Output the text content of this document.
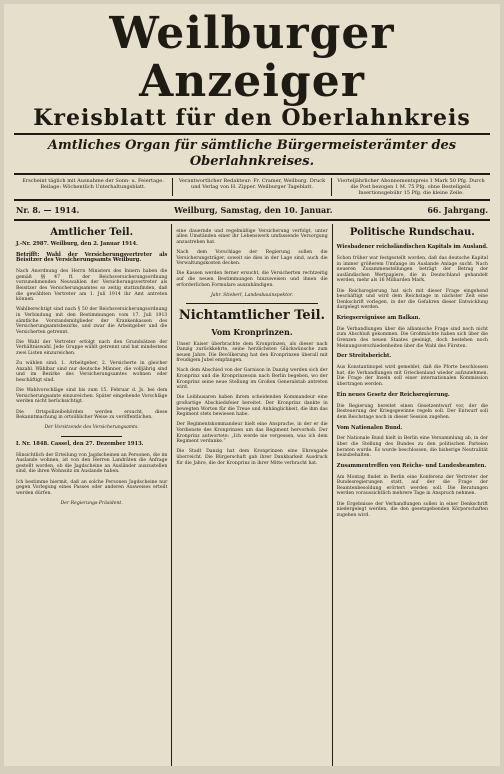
Weilburger Anzeiger
Kreisblatt für den Oberlahnkreis
Amtliches Organ für sämtliche Bürgermeisterämter des Oberlahnkreises.
Erscheint täglich mit Ausnahme der Sonn- u. Feiertage. Beilage: Wöchentlich Unterhaltungsblatt.
Verantwortlicher Redakteur: Fr. Cramer, Weilburg. Druck und Verlag von H. Zipper. Weilburger Tageblatt.
Vierteljährlicher Abonnementspreis 1 Mark 50 Pfg. Durch die Post bezogen 1 M. 75 Pfg. ohne Bestellgeld. Insertionsgebühr 15 Pfg. die kleine Zeile.
Nr. 8. — 1914.	Weilburg, Samstag, den 10. Januar.	66. Jahrgang.
Amtlicher Teil.
J.-Nr. 2987. Weilburg, den 2. Januar 1914.

Betrifft: Wahl der Versicherungsvertreter als Beisitzer des Versicherungsamts Weilburg.

Nach Anordnung des Herrn Ministers des Innern haben die gemäß §§ 47 ff. der Reichsversicherungsordnung vorzunehmenden Neuwahlen der Versicherungsvertreter als Beisitzer des Versicherungsamtes so zeitig stattzufinden, daß die gewählten Vertreter am 1. Juli 1914 ihr Amt antreten können.

Wahlberechtigt sind nach § 50 der Reichsversicherungsordnung in Verbindung mit den Bestimmungen vom 17. Juli 1913 sämtliche Vorstandsmitglieder der Krankenkassen des Versicherungsamtsbezirks, und zwar die Arbeitgeber und die Versicherten getrennt.

Die Wahl der Vertreter erfolgt nach den Grundsätzen der Verhältniswahl. Jede Gruppe wählt getrennt und hat mindestens zwei Listen einzureichen.

Zu wählen sind: 1. Arbeitgeber, 2. Versicherte in gleicher Anzahl. Wählbar sind nur deutsche Männer, die volljährig sind und im Bezirke des Versicherungsamtes wohnen oder beschäftigt sind.

Die Wahlvorschläge sind bis zum 15. Februar d. Js. bei dem Versicherungsamte einzureichen. Später eingehende Vorschläge werden nicht berücksichtigt.

Die Ortspolizeibehörden werden ersucht, diese Bekanntmachung in ortsüblicher Weise zu veröffentlichen.

Der Vorsitzende des Versicherungsamts.

I. Nr. 1848. Cassel, den 27. Dezember 1913.

Hinsichtlich der Erteilung von Jagdscheinen an Personen, die im Auslande wohnen, ist von den Herren Landräten die Anfrage gestellt worden, ob die Jagdscheine an Ausländer auszustellen sind, die ihren Wohnsitz im Auslande haben.

Ich bestimme hiermit, daß an solche Personen Jagdscheine nur gegen Vorlegung eines Passes oder anderen Ausweises erteilt werden dürfen.

Der Regierungs-Präsident.

eine dauernde und regelmäßige Versicherung verfolgt, unter allen Umständen einer ihr Lebenswerk umfassende Versorgung anzustreben hat.

Nach dem Vorschlage der Regierung sollen die Versicherungsträger, soweit sie dies in der Lage sind, auch die Verwaltungskosten decken.

Die Kassen werden ferner ersucht, die Versicherten rechtzeitig auf die neuen Bestimmungen hinzuweisen und ihnen die erforderlichen Formulare auszuhändigen.

Jahr. Stieberl, Landesbauinspektor.

Nichtamtlicher Teil.
Vom Kronprinzen.

Unser Kaiser überbrachte dem Kronprinzen, als dieser nach Danzig zurückkehrte, seine herzlichsten Glückwünsche zum neuen Jahre. Die Bevölkerung hat den Kronprinzen überall mit freudigem Jubel empfangen.

Nach dem Abschied von der Garnison in Danzig werden sich der Kronprinz und die Kronprinzessin nach Berlin begeben, wo der Kronprinz seine neue Stellung im Großen Generalstab antreten wird.

Die Leibhusaren haben ihrem scheidenden Kommandeur eine großartige Abschiedsfeier bereitet. Der Kronprinz dankte in bewegten Worten für die Treue und Anhänglichkeit, die ihm das Regiment stets bewiesen habe.

Der Regimentskommandeur hielt eine Ansprache, in der er die Verdienste des Kronprinzen um das Regiment hervorhob. Der Kronprinz antwortete: „Ich werde nie vergessen, was ich dem Regiment verdanke.“

Die Stadt Danzig hat dem Kronprinzen eine Ehrengabe überreicht. Die Bürgerschaft gab ihrer Dankbarkeit Ausdruck für die Jahre, die der Kronprinz in ihrer Mitte verbracht hat.

Politische Rundschau.

Wiesbadener reichsländischen Kapitals im Ausland.

Schon früher war festgestellt worden, daß das deutsche Kapital in immer größerem Umfange im Auslande Anlage sucht. Nach neueren Zusammenstellungen beträgt der Betrag der ausländischen Wertpapiere, die in Deutschland gehandelt werden, mehr als 16 Milliarden Mark.

Die Reichsregierung hat sich mit dieser Frage eingehend beschäftigt und wird dem Reichstage in nächster Zeit eine Denkschrift vorlegen, in der die Gefahren dieser Entwicklung dargelegt werden.

Kriegsereignisse am Balkan.

Die Verhandlungen über die albanische Frage sind noch nicht zum Abschluß gekommen. Die Großmächte haben sich über die Grenzen des neuen Staates geeinigt, doch bestehen noch Meinungsverschiedenheiten über die Wahl des Fürsten.

Der Streitsbericht.

Aus Konstantinopel wird gemeldet, daß die Pforte beschlossen hat, die Verhandlungen mit Griechenland wieder aufzunehmen. Die Frage der Inseln soll einer internationalen Kommission übertragen werden.

Ein neues Gesetz der Reichsregierung.

Die Regierung bereitet einen Gesetzentwurf vor, der die Besteuerung der Kriegsgewinne regeln soll. Der Entwurf soll dem Reichstage noch in dieser Session zugehen.

Vom Nationalen Bund.

Der Nationale Bund hielt in Berlin eine Versammlung ab, in der über die Stellung des Bundes zu den politischen Parteien beraten wurde. Es wurde beschlossen, die bisherige Neutralität beizubehalten.

Zusammentreffen von Reichs- und Landesbeamten.

Am Montag findet in Berlin eine Konferenz der Vertreter der Bundesregierungen statt, auf der die Frage der Beamtenbesoldung erörtert werden soll. Die Beratungen werden voraussichtlich mehrere Tage in Anspruch nehmen.

Die Ergebnisse der Verhandlungen sollen in einer Denkschrift niedergelegt werden, die den gesetzgebenden Körperschaften zugehen wird.
